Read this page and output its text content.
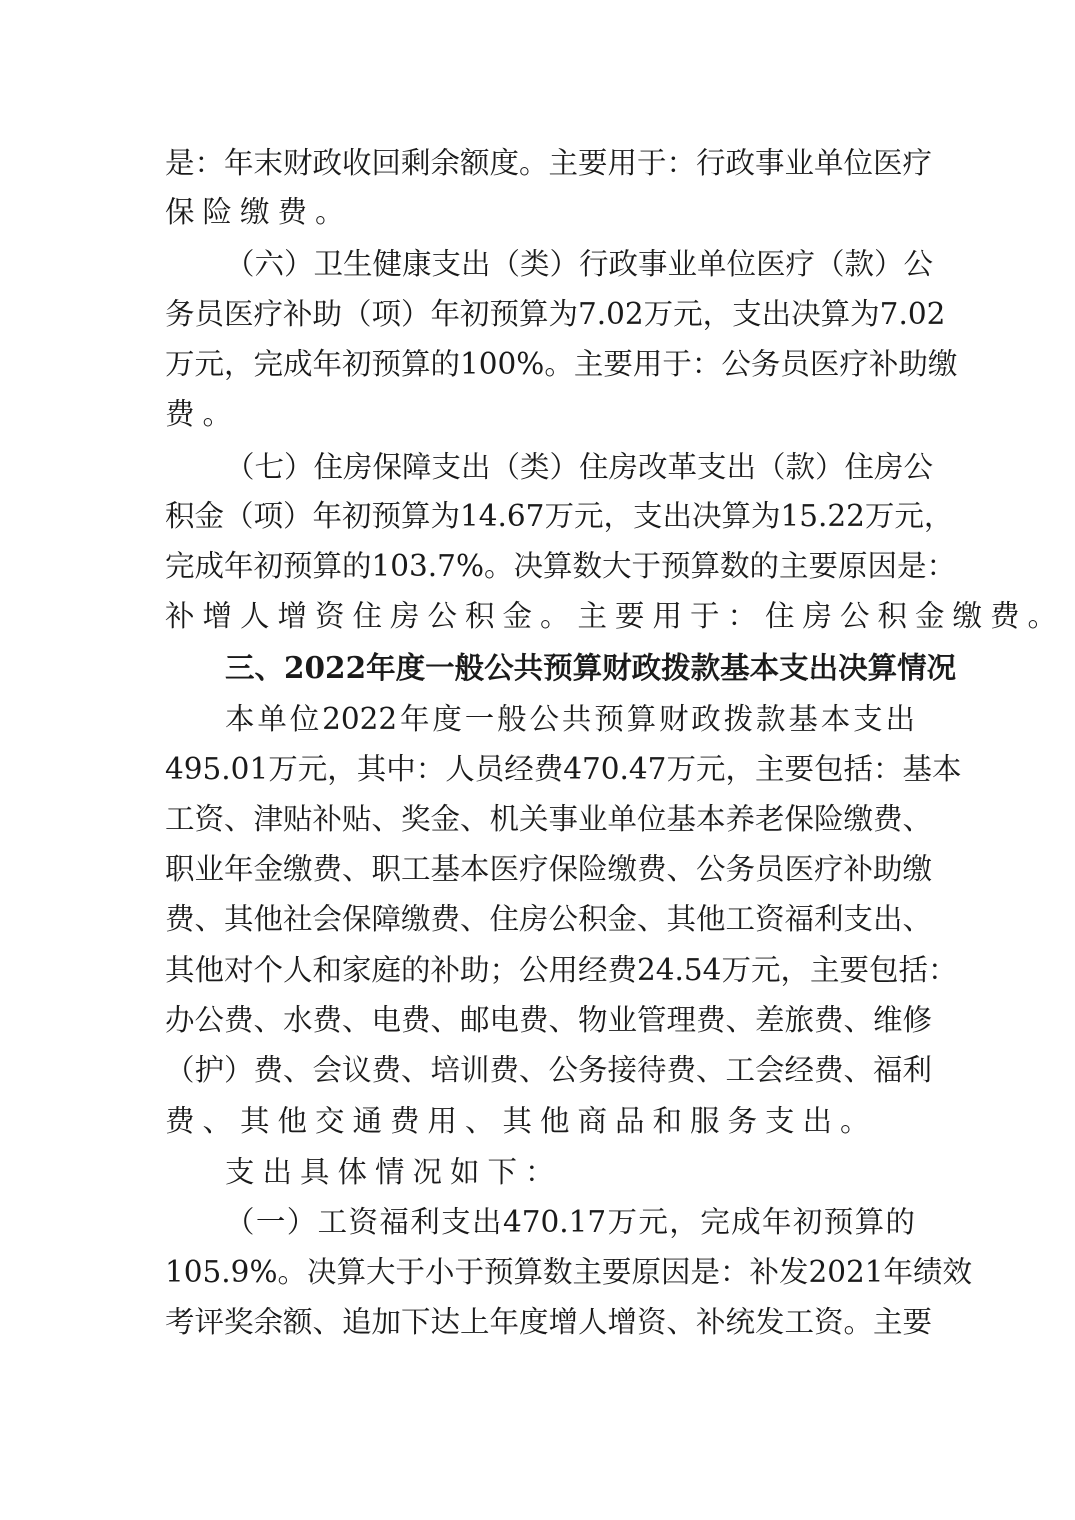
是：年末财政收回剩余额度。主要用于：行政事业单位医疗
保险缴费。
（六）卫生健康支出（类）行政事业单位医疗（款）公
务员医疗补助（项）年初预算为7.02万元，支出决算为7.02
万元，完成年初预算的100%。主要用于：公务员医疗补助缴
费。
（七）住房保障支出（类）住房改革支出（款）住房公
积金（项）年初预算为14.67万元，支出决算为15.22万元，
完成年初预算的103.7%。决算数大于预算数的主要原因是：
补增人增资住房公积金。主要用于：住房公积金缴费。
三、2022年度一般公共预算财政拨款基本支出决算情况
本单位2022年度一般公共预算财政拨款基本支出
495.01万元，其中：人员经费470.47万元，主要包括：基本
工资、津贴补贴、奖金、机关事业单位基本养老保险缴费、
职业年金缴费、职工基本医疗保险缴费、公务员医疗补助缴
费、其他社会保障缴费、住房公积金、其他工资福利支出、
其他对个人和家庭的补助；公用经费24.54万元，主要包括：
办公费、水费、电费、邮电费、物业管理费、差旅费、维修
（护）费、会议费、培训费、公务接待费、工会经费、福利
费、其他交通费用、其他商品和服务支出。
支出具体情况如下：
（一）工资福利支出470.17万元，完成年初预算的
105.9%。决算大于小于预算数主要原因是：补发2021年绩效
考评奖余额、追加下达上年度增人增资、补统发工资。主要
